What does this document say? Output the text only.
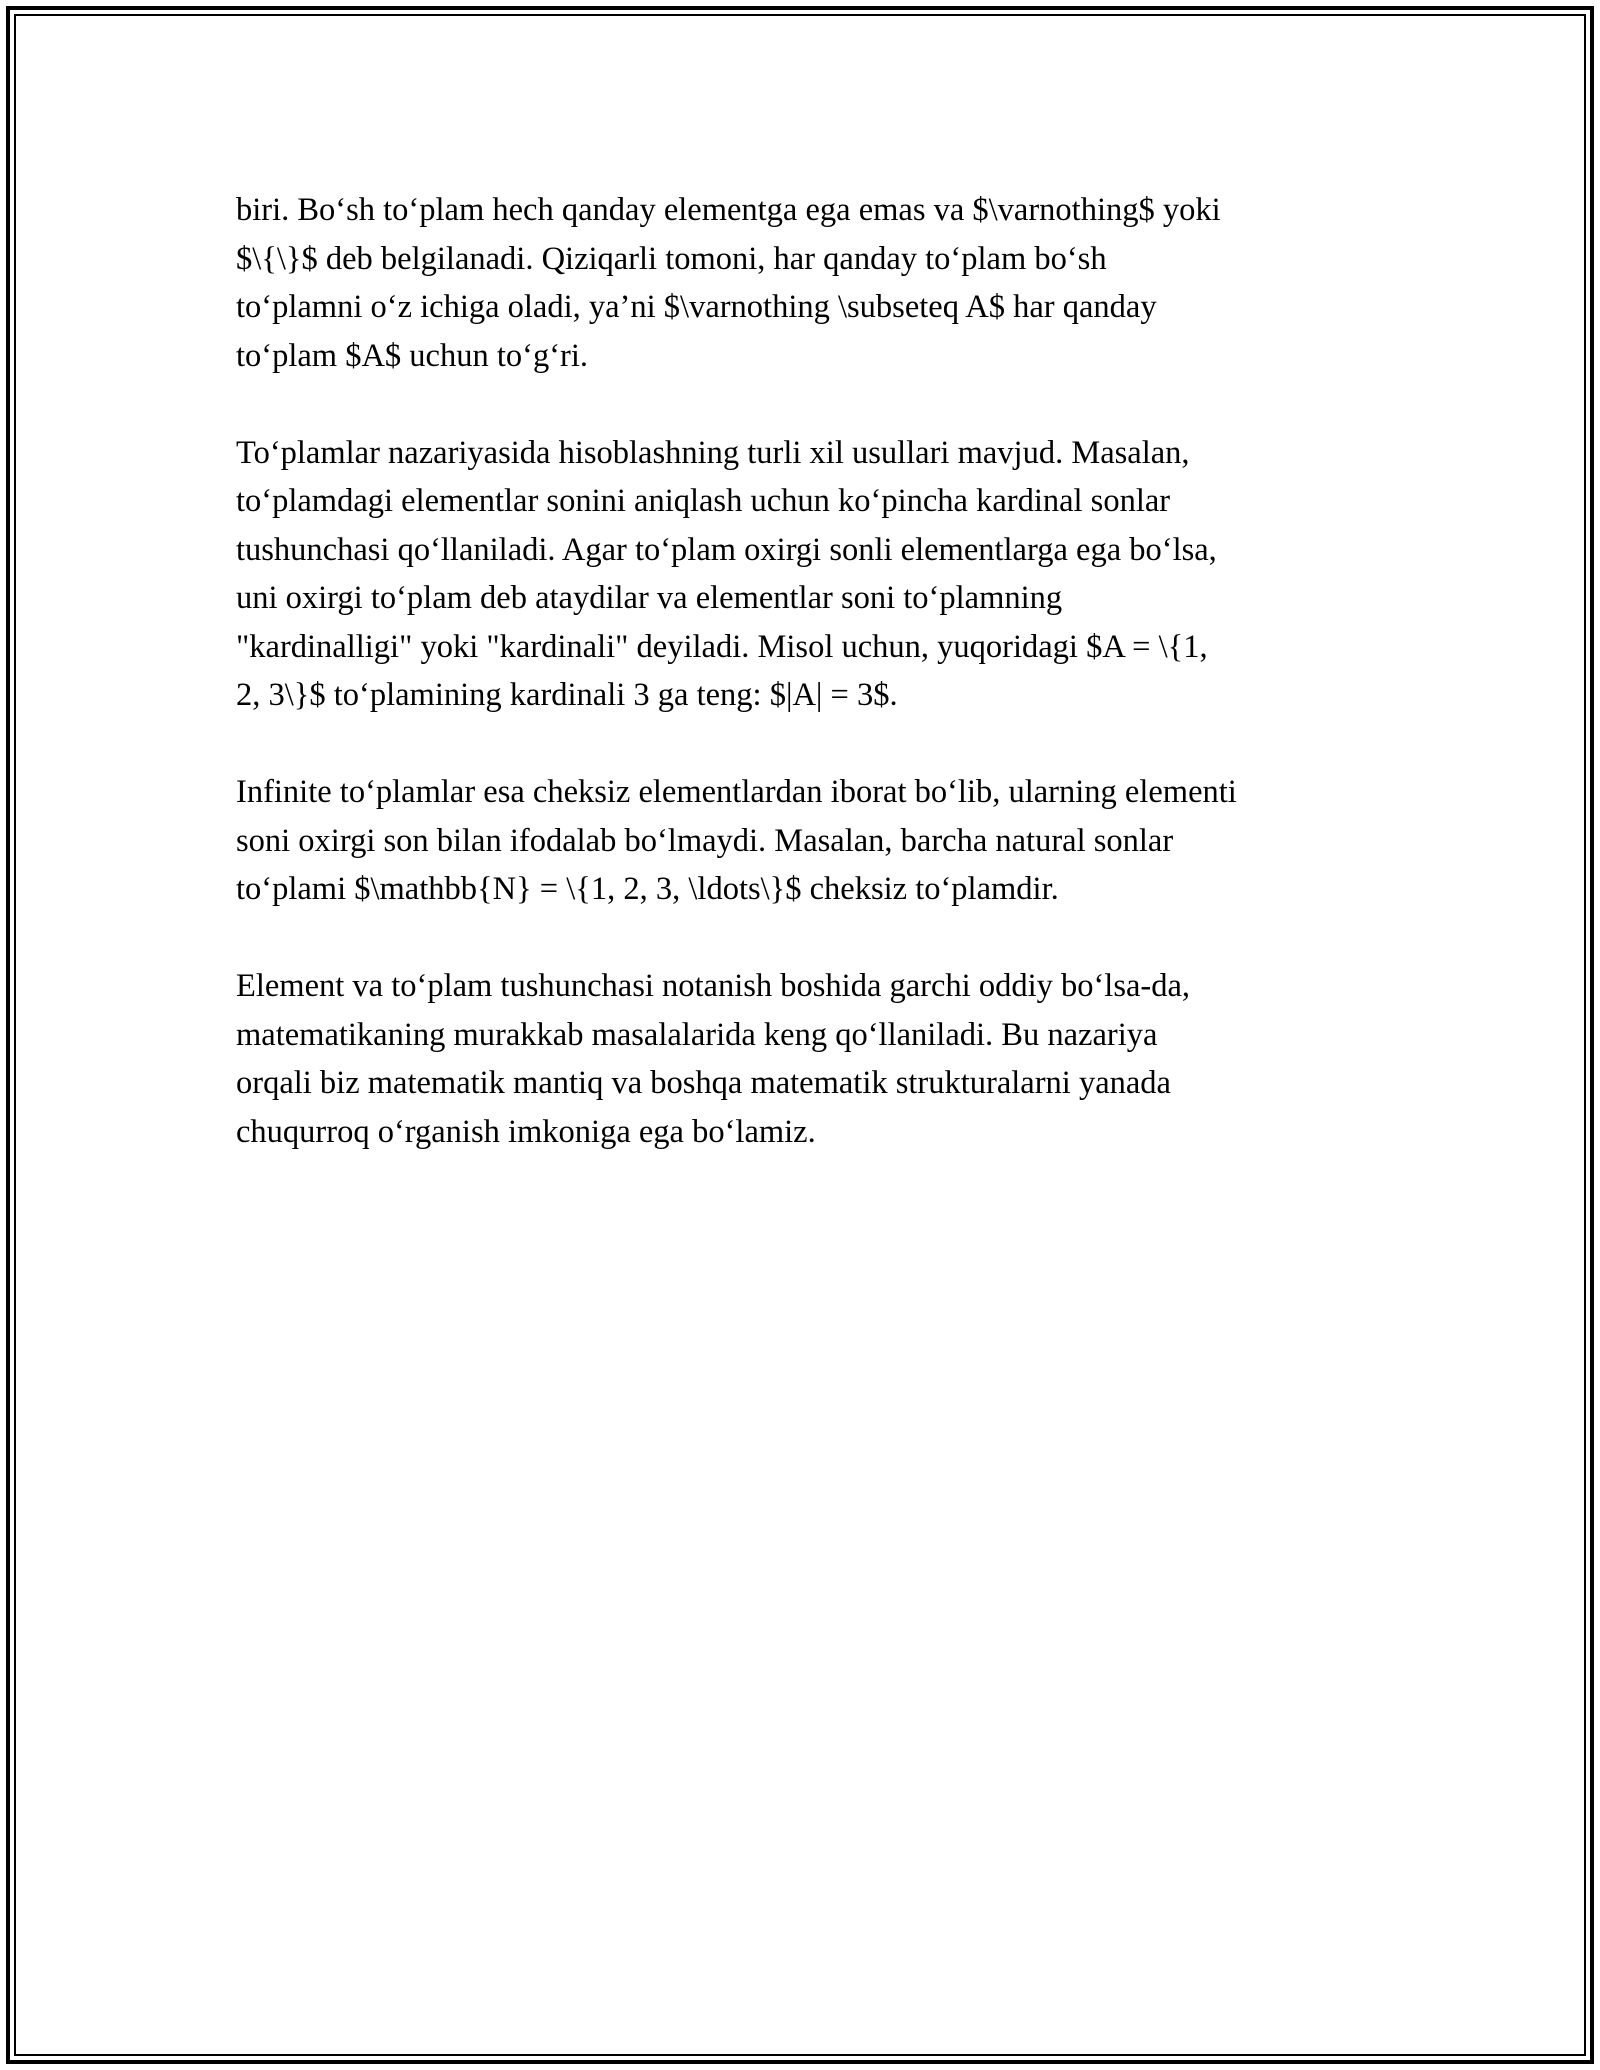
biri. Bo‘sh to‘plam hech qanday elementga ega emas va $\varnothing$ yoki
$\{\}$ deb belgilanadi. Qiziqarli tomoni, har qanday to‘plam bo‘sh
to‘plamni o‘z ichiga oladi, ya’ni $\varnothing \subseteq A$ har qanday
to‘plam $A$ uchun to‘g‘ri.

To‘plamlar nazariyasida hisoblashning turli xil usullari mavjud. Masalan,
to‘plamdagi elementlar sonini aniqlash uchun ko‘pincha kardinal sonlar
tushunchasi qo‘llaniladi. Agar to‘plam oxirgi sonli elementlarga ega bo‘lsa,
uni oxirgi to‘plam deb ataydilar va elementlar soni to‘plamning
"kardinalligi" yoki "kardinali" deyiladi. Misol uchun, yuqoridagi $A = \{1,
2, 3\}$ to‘plamining kardinali 3 ga teng: $|A| = 3$.

Infinite to‘plamlar esa cheksiz elementlardan iborat bo‘lib, ularning elementi
soni oxirgi son bilan ifodalab bo‘lmaydi. Masalan, barcha natural sonlar
to‘plami $\mathbb{N} = \{1, 2, 3, \ldots\}$ cheksiz to‘plamdir.

Element va to‘plam tushunchasi notanish boshida garchi oddiy bo‘lsa-da,
matematikaning murakkab masalalarida keng qo‘llaniladi. Bu nazariya
orqali biz matematik mantiq va boshqa matematik strukturalarni yanada
chuqurroq o‘rganish imkoniga ega bo‘lamiz.
